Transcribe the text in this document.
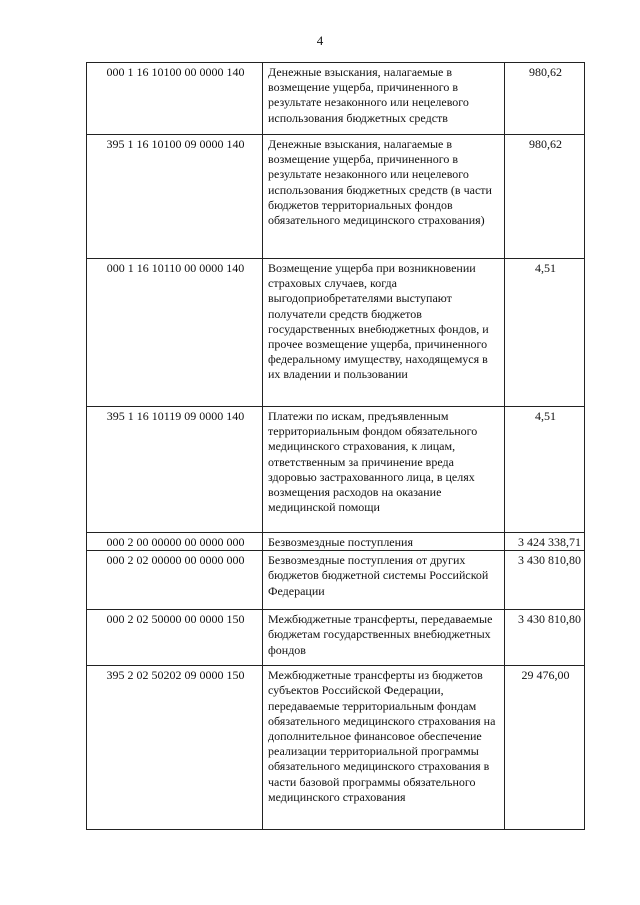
4
000 1 16 10100 00 0000 140	Денежные взыскания, налагаемые в возмещение ущерба, причиненного в результате незаконного или нецелевого использования бюджетных средств	980,62
395 1 16 10100 09 0000 140	Денежные взыскания, налагаемые в возмещение ущерба, причиненного в результате незаконного или нецелевого использования бюджетных средств (в части бюджетов территориальных фондов обязательного медицинского страхования)	980,62
000 1 16 10110 00 0000 140	Возмещение ущерба при возникновении страховых случаев, когда выгодоприобретателями выступают получатели средств бюджетов государственных внебюджетных фондов, и прочее возмещение ущерба, причиненного федеральному имуществу, находящемуся в их владении и пользовании	4,51
395 1 16 10119 09 0000 140	Платежи по искам, предъявленным территориальным фондом обязательного медицинского страхования, к лицам, ответственным за причинение вреда здоровью застрахованного лица, в целях возмещения расходов на оказание медицинской помощи	4,51
000 2 00 00000 00 0000 000	Безвозмездные поступления	3 424 338,71
000 2 02 00000 00 0000 000	Безвозмездные поступления от других бюджетов бюджетной системы Российской Федерации	3 430 810,80
000 2 02 50000 00 0000 150	Межбюджетные трансферты, передаваемые бюджетам государственных внебюджетных фондов	3 430 810,80
395 2 02 50202 09 0000 150	Межбюджетные трансферты из бюджетов субъектов Российской Федерации, передаваемые территориальным фондам обязательного медицинского страхования на дополнительное финансовое обеспечение реализации территориальной программы обязательного медицинского страхования в части базовой программы обязательного медицинского страхования	29 476,00
